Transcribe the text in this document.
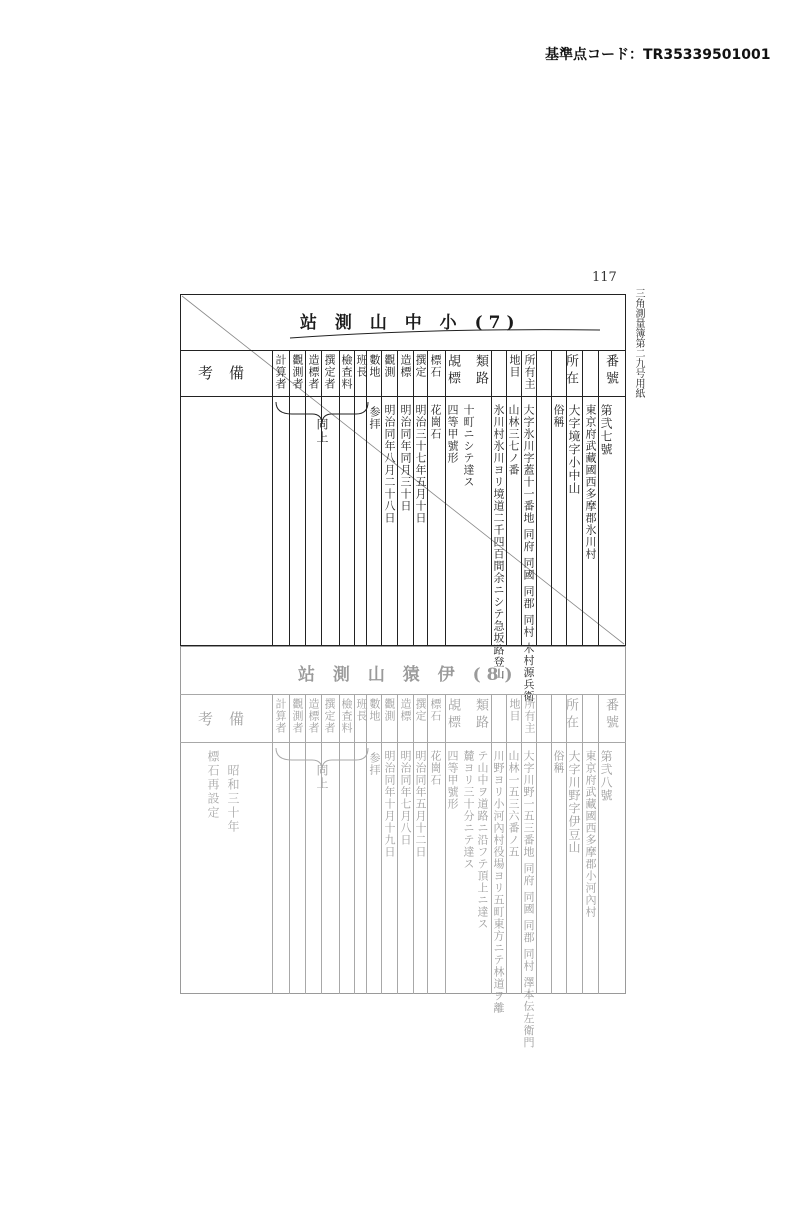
基準点コード：TR35339501001
117
三角測量簿第二九号用紙
站 測 山 中 小 (7)
考備 計算者 觀測者 造標者 撰定者 檢査料 班長 數地 觀測 造標 撰定 標石 覘標 類路 地目 所有主 所在 番號
同上	参拝 明治同年八月二十八日 明治同年同月三十日 明治三十七年五月十日 花崗石 四等甲號形 十町ニシテ達ス 氷川村氷川ヨリ境道二千四百間余ニシテ急坂路登山 山林三七ノ番 大字氷川字蓋十一番地 同府 同國 同郡 同村 木村源兵衛 俗稱 大字境字小中山 第弐七號
東京府武藏國西多摩郡氷川村
站 測 山 猿 伊 (8)
考備 計算者 觀測者 造標者 撰定者 檢査料 班長 數地 觀測 造標 撰定 標石 覘標 類路 地目 所有主 所在 番號
同上
標石再設定 昭和三十年	参拝 明治同年十月十九日 明治同年七月八日 明治同年五月十二日 花崗石 四等甲號形 麓ヨリ三十分ニテ達ス テ山中ヲ道路ニ沿フテ頂上ニ達ス 川野ヨリ小河內村役場ヨリ五町東方ニテ林道ヲ離 山林一五三六番ノ五 大字川野一五三番地 同府 同國 同郡 同村 澤本伝左衛門 俗稱 大字川野字伊豆山 東京府武藏國西多摩郡小河內村 第弐八號
